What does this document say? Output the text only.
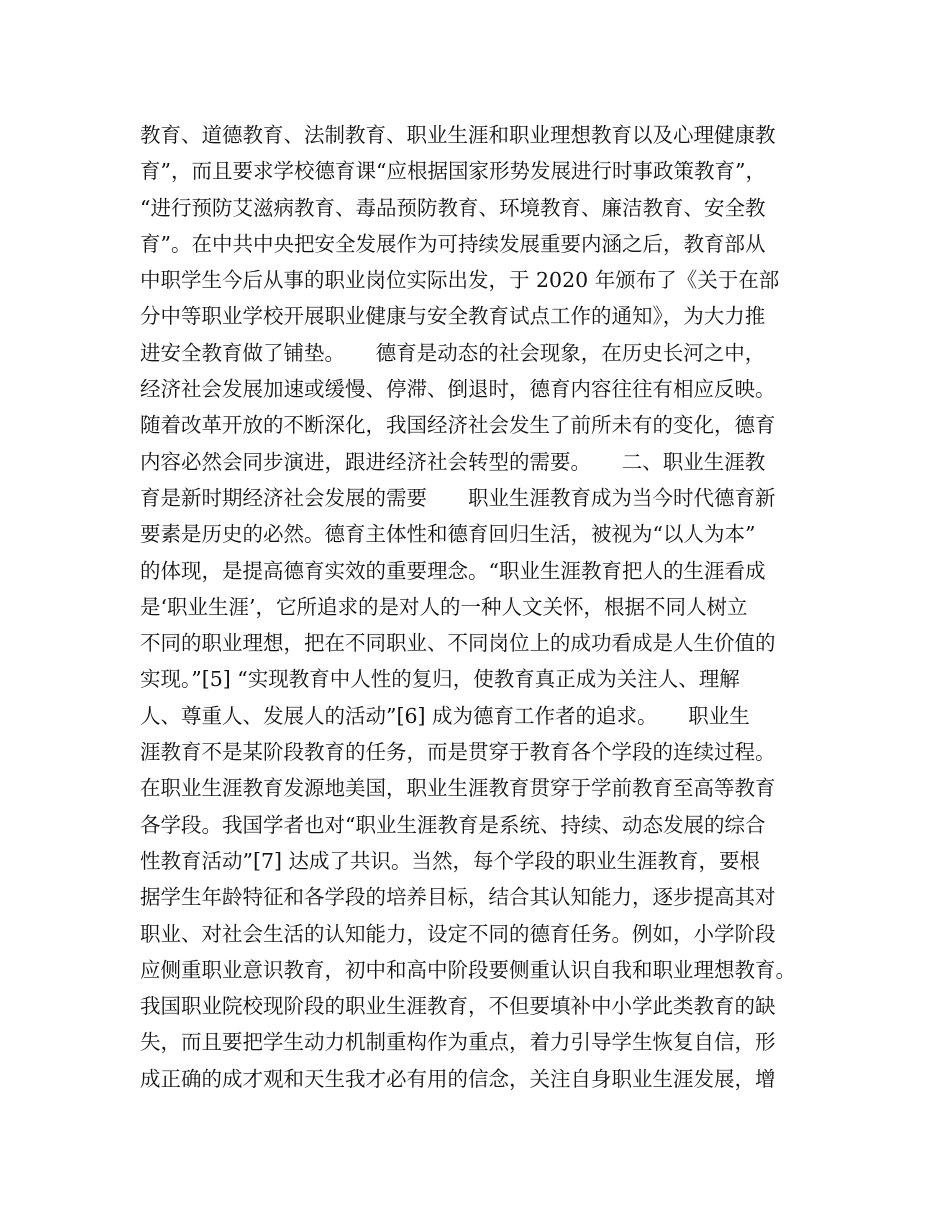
教育、道德教育、法制教育、职业生涯和职业理想教育以及心理健康教
育”，而且要求学校德育课“应根据国家形势发展进行时事政策教育”，
“进行预防艾滋病教育、毒品预防教育、环境教育、廉洁教育、安全教
育”。在中共中央把安全发展作为可持续发展重要内涵之后，教育部从
中职学生今后从事的职业岗位实际出发，于 2020 年颁布了《关于在部
分中等职业学校开展职业健康与安全教育试点工作的通知》，为大力推
进安全教育做了铺垫。　　德育是动态的社会现象，在历史长河之中，
经济社会发展加速或缓慢、停滞、倒退时，德育内容往往有相应反映。
随着改革开放的不断深化，我国经济社会发生了前所未有的变化，德育
内容必然会同步演进，跟进经济社会转型的需要。　　二、职业生涯教
育是新时期经济社会发展的需要　　职业生涯教育成为当今时代德育新
要素是历史的必然。德育主体性和德育回归生活，被视为“以人为本”
的体现，是提高德育实效的重要理念。“职业生涯教育把人的生涯看成
是‘职业生涯’，它所追求的是对人的一种人文关怀，根据不同人树立
不同的职业理想，把在不同职业、不同岗位上的成功看成是人生价值的
实现。”[5] “实现教育中人性的复归，使教育真正成为关注人、理解
人、尊重人、发展人的活动”[6] 成为德育工作者的追求。　　职业生
涯教育不是某阶段教育的任务，而是贯穿于教育各个学段的连续过程。
在职业生涯教育发源地美国，职业生涯教育贯穿于学前教育至高等教育
各学段。我国学者也对“职业生涯教育是系统、持续、动态发展的综合
性教育活动”[7] 达成了共识。当然，每个学段的职业生涯教育，要根
据学生年龄特征和各学段的培养目标，结合其认知能力，逐步提高其对
职业、对社会生活的认知能力，设定不同的德育任务。例如，小学阶段
应侧重职业意识教育，初中和高中阶段要侧重认识自我和职业理想教育。
我国职业院校现阶段的职业生涯教育，不但要填补中小学此类教育的缺
失，而且要把学生动力机制重构作为重点，着力引导学生恢复自信，形
成正确的成才观和天生我才必有用的信念，关注自身职业生涯发展，增
